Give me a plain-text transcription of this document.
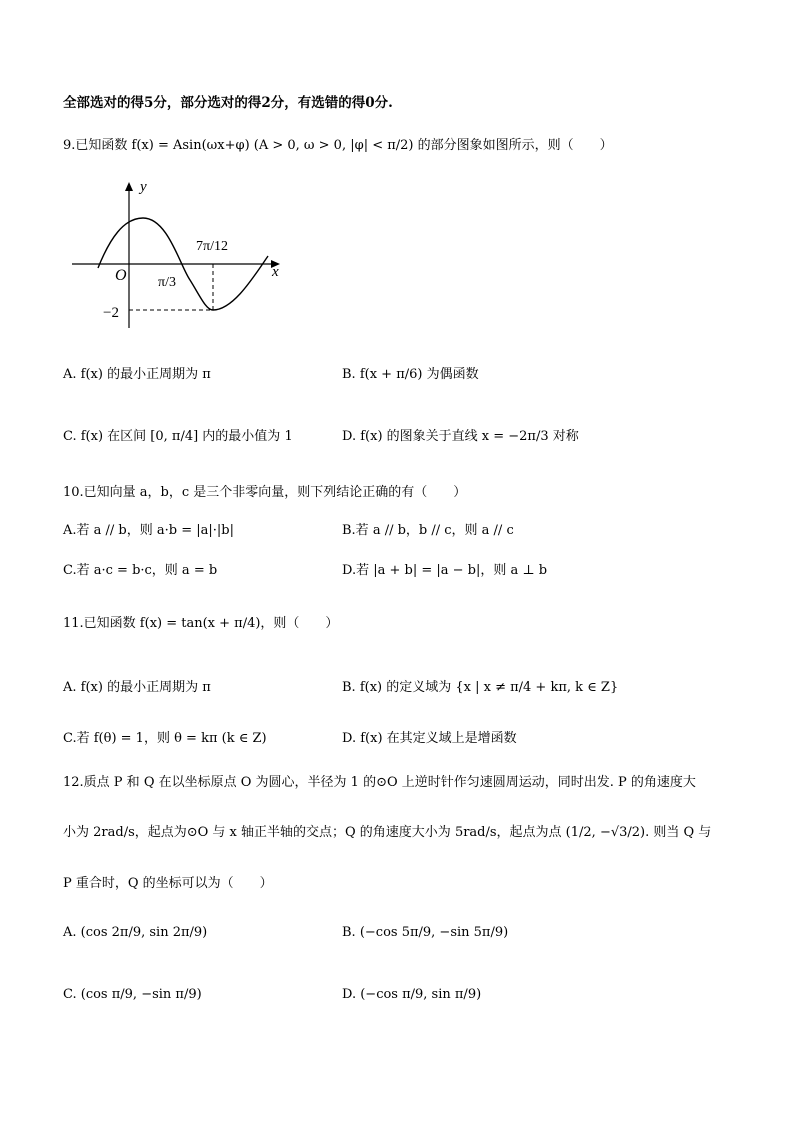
全部选对的得5分，部分选对的得2分，有选错的得0分.
9.已知函数 f(x) = Asin(ωx+φ) (A > 0, ω > 0, |φ| < π/2) 的部分图象如图所示，则（　　）
y
x
O π/3
7π/12
−2
A. f(x) 的最小正周期为 π	B. f(x + π/6) 为偶函数
C. f(x) 在区间 [0, π/4] 内的最小值为 1	D. f(x) 的图象关于直线 x = −2π/3 对称
10.已知向量 a，b，c 是三个非零向量，则下列结论正确的有（　　）
A.若 a // b，则 a·b = |a|·|b|	B.若 a // b，b // c，则 a // c
C.若 a·c = b·c，则 a = b	D.若 |a + b| = |a − b|，则 a ⊥ b
11.已知函数 f(x) = tan(x + π/4)，则（　　）
A. f(x) 的最小正周期为 π	B. f(x) 的定义域为 {x | x ≠ π/4 + kπ, k ∈ Z}
C.若 f(θ) = 1，则 θ = kπ (k ∈ Z)	D. f(x) 在其定义域上是增函数
12.质点 P 和 Q 在以坐标原点 O 为圆心，半径为 1 的⊙O 上逆时针作匀速圆周运动，同时出发. P 的角速度大
小为 2rad/s，起点为⊙O 与 x 轴正半轴的交点；Q 的角速度大小为 5rad/s，起点为点 (1/2, −√3/2). 则当 Q 与
P 重合时，Q 的坐标可以为（　　）
A. (cos 2π/9, sin 2π/9)	B. (−cos 5π/9, −sin 5π/9)
C. (cos π/9, −sin π/9)	D. (−cos π/9, sin π/9)
